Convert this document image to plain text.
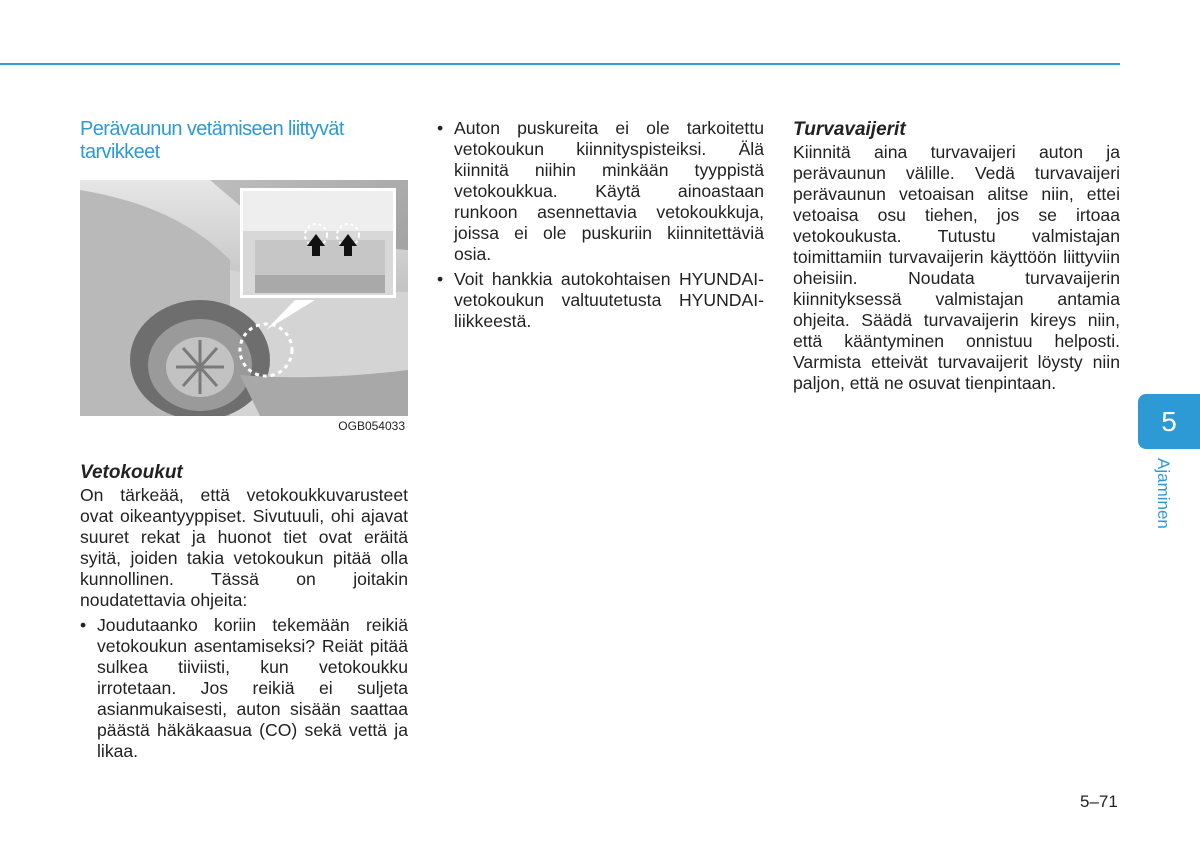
Perävaunun vetämiseen liittyvät tarvikkeet
OGB054033
Vetokoukut

On tärkeää, että vetokoukkuvarusteet ovat oikeantyyppiset. Sivutuuli, ohi ajavat suuret rekat ja huonot tiet ovat eräitä syitä, joiden takia vetokoukun pitää olla kunnollinen. Tässä on joitakin noudatettavia ohjeita:

• Joudutaanko koriin tekemään reikiä vetokoukun asentamiseksi? Reiät pitää sulkea tiiviisti, kun vetokoukku irrotetaan. Jos reikiä ei suljeta asianmukaisesti, auton sisään saattaa päästä häkäkaasua (CO) sekä vettä ja likaa.
• Auton puskureita ei ole tarkoitettu vetokoukun kiinnityspisteiksi. Älä kiinnitä niihin minkään tyyppistä vetokoukkua. Käytä ainoastaan runkoon asennettavia vetokoukkuja, joissa ei ole puskuriin kiinnitettäviä osia.
• Voit hankkia autokohtaisen HYUNDAI-vetokoukun valtuutetusta HYUNDAI-liikkeestä.
Turvavaijerit

Kiinnitä aina turvavaijeri auton ja perävaunun välille. Vedä turvavaijeri perävaunun vetoaisan alitse niin, ettei vetoaisa osu tiehen, jos se irtoaa vetokoukusta. Tutustu valmistajan toimittamiin turvavaijerin käyttöön liittyviin oheisiin. Noudata turvavaijerin kiinnityksessä valmistajan antamia ohjeita. Säädä turvavaijerin kireys niin, että kääntyminen onnistuu helposti. Varmista etteivät turvavaijerit löysty niin paljon, että ne osuvat tienpintaan.

5
Ajaminen
5–71
